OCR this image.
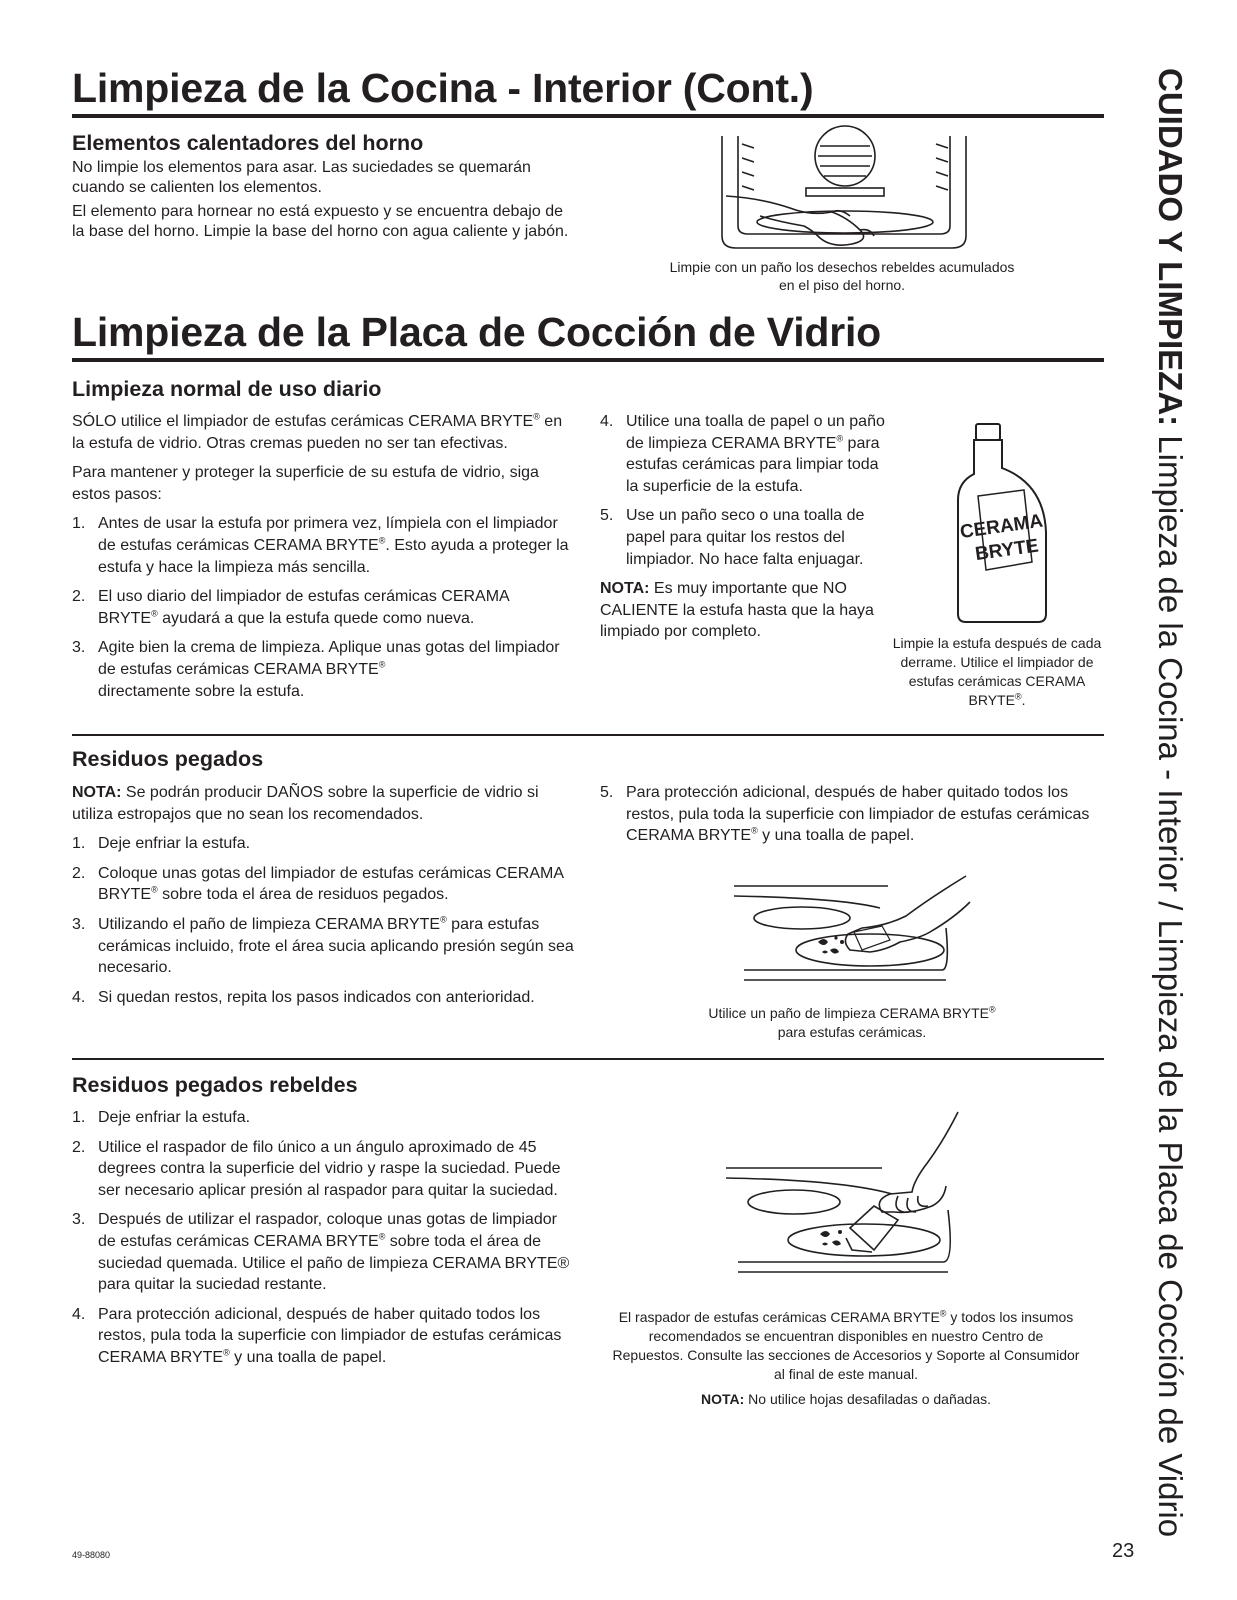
CUIDADO Y LIMPIEZA: Limpieza de la Cocina - Interior / Limpieza de la Placa de Cocción de Vidrio
Limpieza de la Cocina - Interior (Cont.)
Elementos calentadores del horno

No limpie los elementos para asar. Las suciedades se quemarán cuando se calienten los elementos.

El elemento para hornear no está expuesto y se encuentra debajo de la base del horno. Limpie la base del horno con agua caliente y jabón.

Limpie con un paño los desechos rebeldes acumulados en el piso del horno.
Limpieza de la Placa de Cocción de Vidrio
Limpieza normal de uso diario

SÓLO utilice el limpiador de estufas cerámicas CERAMA BRYTE® en la estufa de vidrio. Otras cremas pueden no ser tan efectivas.

Para mantener y proteger la superficie de su estufa de vidrio, siga estos pasos:

1. Antes de usar la estufa por primera vez, límpiela con el limpiador de estufas cerámicas CERAMA BRYTE®. Esto ayuda a proteger la estufa y hace la limpieza más sencilla.
2. El uso diario del limpiador de estufas cerámicas CERAMA BRYTE® ayudará a que la estufa quede como nueva.
3. Agite bien la crema de limpieza. Aplique unas gotas del limpiador de estufas cerámicas CERAMA BRYTE®
directamente sobre la estufa.
4. Utilice una toalla de papel o un paño de limpieza CERAMA BRYTE® para estufas cerámicas para limpiar toda la superficie de la estufa.
5. Use un paño seco o una toalla de papel para quitar los restos del limpiador. No hace falta enjuagar.

NOTA: Es muy importante que NO CALIENTE la estufa hasta que la haya limpiado por completo.

CERAMA
BRYTE
Limpie la estufa después de cada derrame. Utilice el limpiador de estufas cerámicas CERAMA BRYTE®.
Residuos pegados

NOTA: Se podrán producir DAÑOS sobre la superficie de vidrio si utiliza estropajos que no sean los recomendados.

1. Deje enfriar la estufa.
2. Coloque unas gotas del limpiador de estufas cerámicas CERAMA BRYTE® sobre toda el área de residuos pegados.
3. Utilizando el paño de limpieza CERAMA BRYTE® para estufas cerámicas incluido, frote el área sucia aplicando presión según sea necesario.
4. Si quedan restos, repita los pasos indicados con anterioridad.
5. Para protección adicional, después de haber quitado todos los restos, pula toda la superficie con limpiador de estufas cerámicas CERAMA BRYTE® y una toalla de papel.
Utilice un paño de limpieza CERAMA BRYTE® para estufas cerámicas.
Residuos pegados rebeldes
1. Deje enfriar la estufa.
2. Utilice el raspador de filo único a un ángulo aproximado de 45 degrees contra la superficie del vidrio y raspe la suciedad. Puede ser necesario aplicar presión al raspador para quitar la suciedad.
3. Después de utilizar el raspador, coloque unas gotas de limpiador de estufas cerámicas CERAMA BRYTE® sobre toda el área de suciedad quemada. Utilice el paño de limpieza CERAMA BRYTE® para quitar la suciedad restante.
4. Para protección adicional, después de haber quitado todos los restos, pula toda la superficie con limpiador de estufas cerámicas CERAMA BRYTE® y una toalla de papel.
El raspador de estufas cerámicas CERAMA BRYTE® y todos los insumos recomendados se encuentran disponibles en nuestro Centro de Repuestos. Consulte las secciones de Accesorios y Soporte al Consumidor al final de este manual.
NOTA: No utilice hojas desafiladas o dañadas.
49-88080	23
